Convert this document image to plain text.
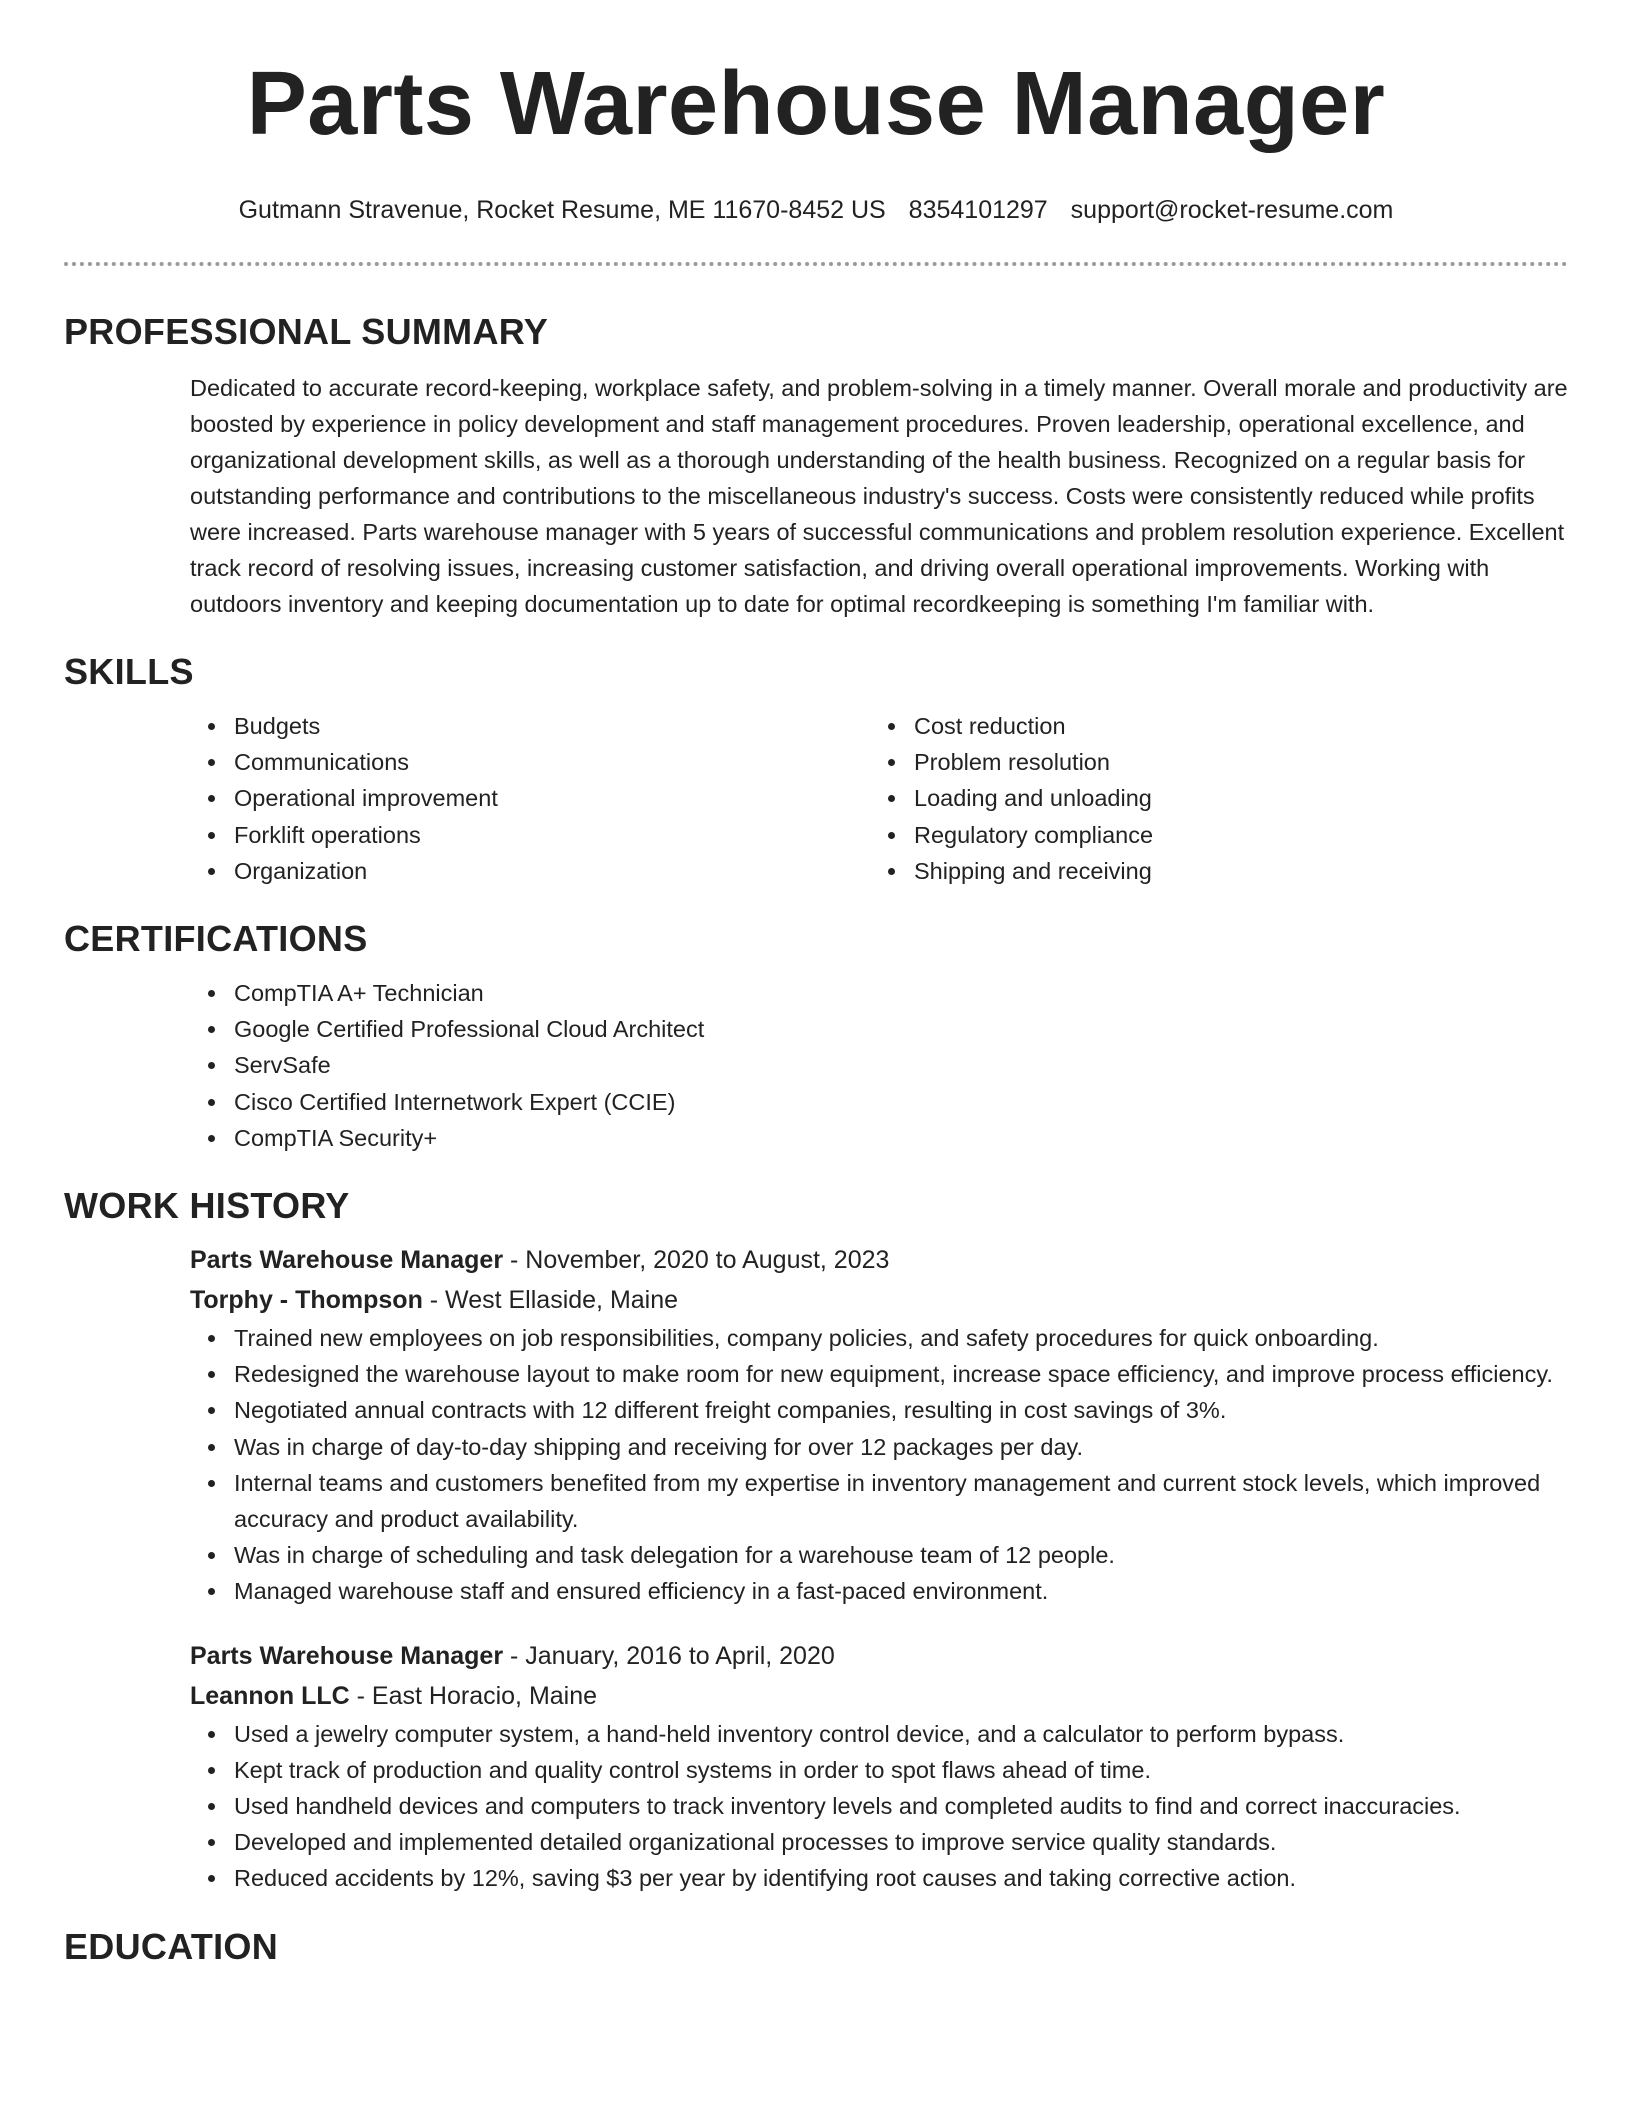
Parts Warehouse Manager
Gutmann Stravenue, Rocket Resume, ME 11670-8452 US 8354101297 support@rocket-resume.com
PROFESSIONAL SUMMARY
Dedicated to accurate record-keeping, workplace safety, and problem-solving in a timely manner. Overall morale and productivity are boosted by experience in policy development and staff management procedures. Proven leadership, operational excellence, and organizational development skills, as well as a thorough understanding of the health business. Recognized on a regular basis for outstanding performance and contributions to the miscellaneous industry's success. Costs were consistently reduced while profits were increased. Parts warehouse manager with 5 years of successful communications and problem resolution experience. Excellent track record of resolving issues, increasing customer satisfaction, and driving overall operational improvements. Working with outdoors inventory and keeping documentation up to date for optimal recordkeeping is something I'm familiar with.
SKILLS
Budgets
Communications
Operational improvement
Forklift operations
Organization
Cost reduction
Problem resolution
Loading and unloading
Regulatory compliance
Shipping and receiving
CERTIFICATIONS
CompTIA A+ Technician
Google Certified Professional Cloud Architect
ServSafe
Cisco Certified Internetwork Expert (CCIE)
CompTIA Security+
WORK HISTORY
Parts Warehouse Manager - November, 2020 to August, 2023
Torphy - Thompson - West Ellaside, Maine
Trained new employees on job responsibilities, company policies, and safety procedures for quick onboarding.
Redesigned the warehouse layout to make room for new equipment, increase space efficiency, and improve process efficiency.
Negotiated annual contracts with 12 different freight companies, resulting in cost savings of 3%.
Was in charge of day-to-day shipping and receiving for over 12 packages per day.
Internal teams and customers benefited from my expertise in inventory management and current stock levels, which improved accuracy and product availability.
Was in charge of scheduling and task delegation for a warehouse team of 12 people.
Managed warehouse staff and ensured efficiency in a fast-paced environment.
Parts Warehouse Manager - January, 2016 to April, 2020
Leannon LLC - East Horacio, Maine
Used a jewelry computer system, a hand-held inventory control device, and a calculator to perform bypass.
Kept track of production and quality control systems in order to spot flaws ahead of time.
Used handheld devices and computers to track inventory levels and completed audits to find and correct inaccuracies.
Developed and implemented detailed organizational processes to improve service quality standards.
Reduced accidents by 12%, saving $3 per year by identifying root causes and taking corrective action.
EDUCATION
